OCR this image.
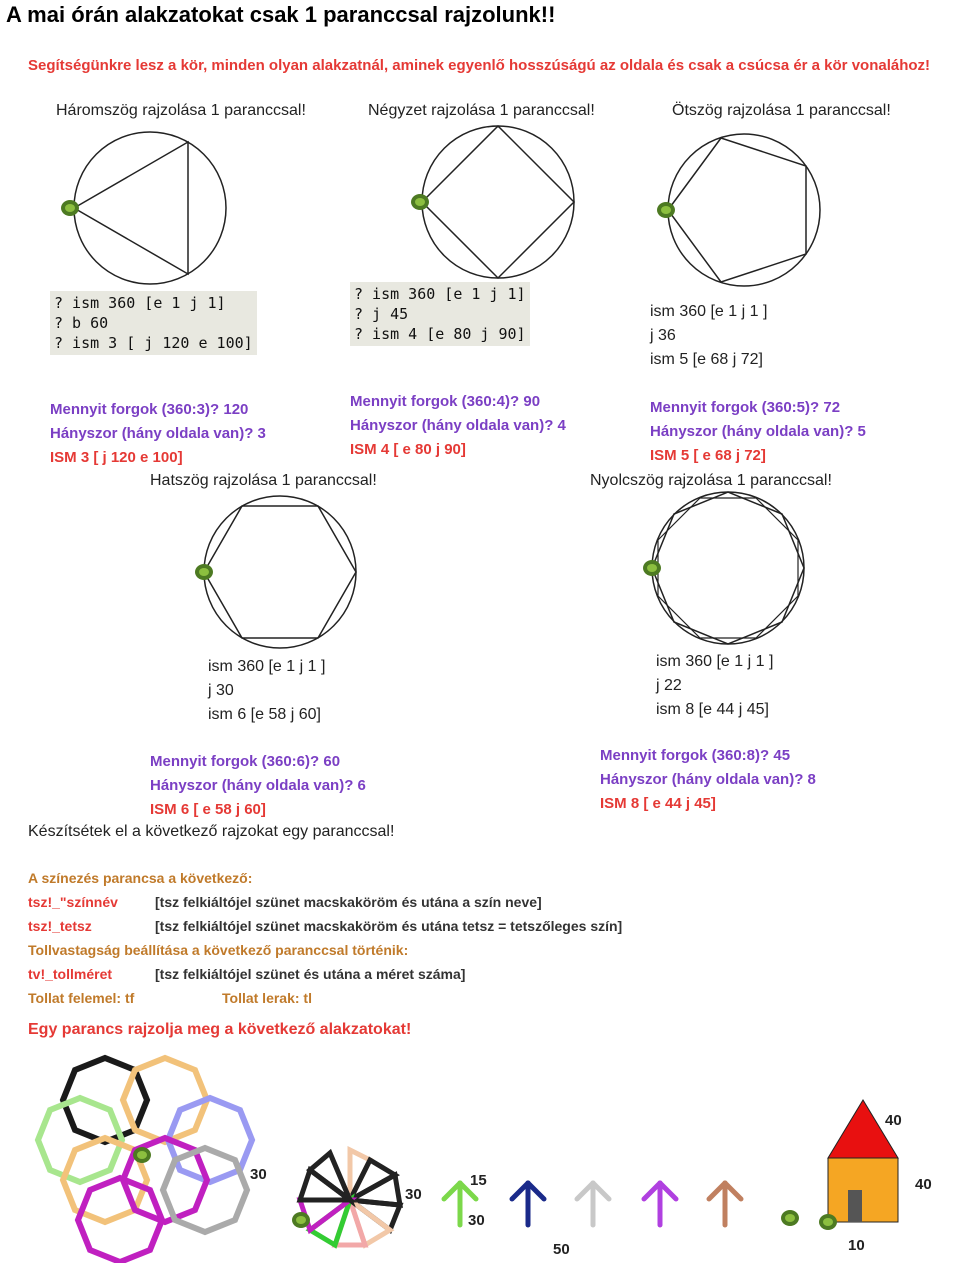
A mai órán alakzatokat csak 1 paranccsal rajzolunk!!
Segítségünkre lesz a kör, minden olyan alakzatnál, aminek egyenlő hosszúságú az oldala és csak a csúcsa ér a kör vonalához!
Háromszög rajzolása 1 paranccsal!
? ism 360 [e 1 j 1]
? b 60
? ism 3 [ j 120 e 100]
Mennyit forgok (360:3)? 120
Hányszor (hány oldala van)? 3
ISM 3 [ j 120 e 100]
Négyzet rajzolása 1 paranccsal!
? ism 360 [e 1 j 1]
? j 45
? ism 4 [e 80 j 90]
Mennyit forgok (360:4)? 90
Hányszor (hány oldala van)? 4
ISM 4 [ e 80 j 90]
Ötszög rajzolása 1 paranccsal!
ism 360 [e 1 j 1 ]
j 36
ism 5 [e 68 j 72]
Mennyit forgok (360:5)? 72
Hányszor (hány oldala van)? 5
ISM 5 [ e 68 j 72]
Hatszög rajzolása 1 paranccsal!
ism 360 [e 1 j 1 ]
j 30
ism 6 [e 58 j 60]
Mennyit forgok (360:6)? 60
Hányszor (hány oldala van)? 6
ISM 6 [ e 58 j 60]
Nyolcszög rajzolása 1 paranccsal!
ism 360 [e 1 j 1 ]
j 22
ism 8 [e 44 j 45]
Mennyit forgok (360:8)? 45
Hányszor (hány oldala van)? 8
ISM 8 [ e 44 j 45]
Készítsétek el a következő rajzokat egy paranccsal!
A színezés parancsa a következő:
tsz!_"színnév	[tsz felkiáltójel szünet macskaköröm és utána a szín neve]
tsz!_tetsz	[tsz felkiáltójel szünet macskaköröm és utána tetsz = tetszőleges szín]
Tollvastagság beállítása a következő paranccsal történik:
tv!_tollméret	[tsz felkiáltójel szünet és utána a méret száma]
Tollat felemel: tf	Tollat lerak: tl
Egy parancs rajzolja meg a következő alakzatokat!
30
30
15
30
50
40
40
10
